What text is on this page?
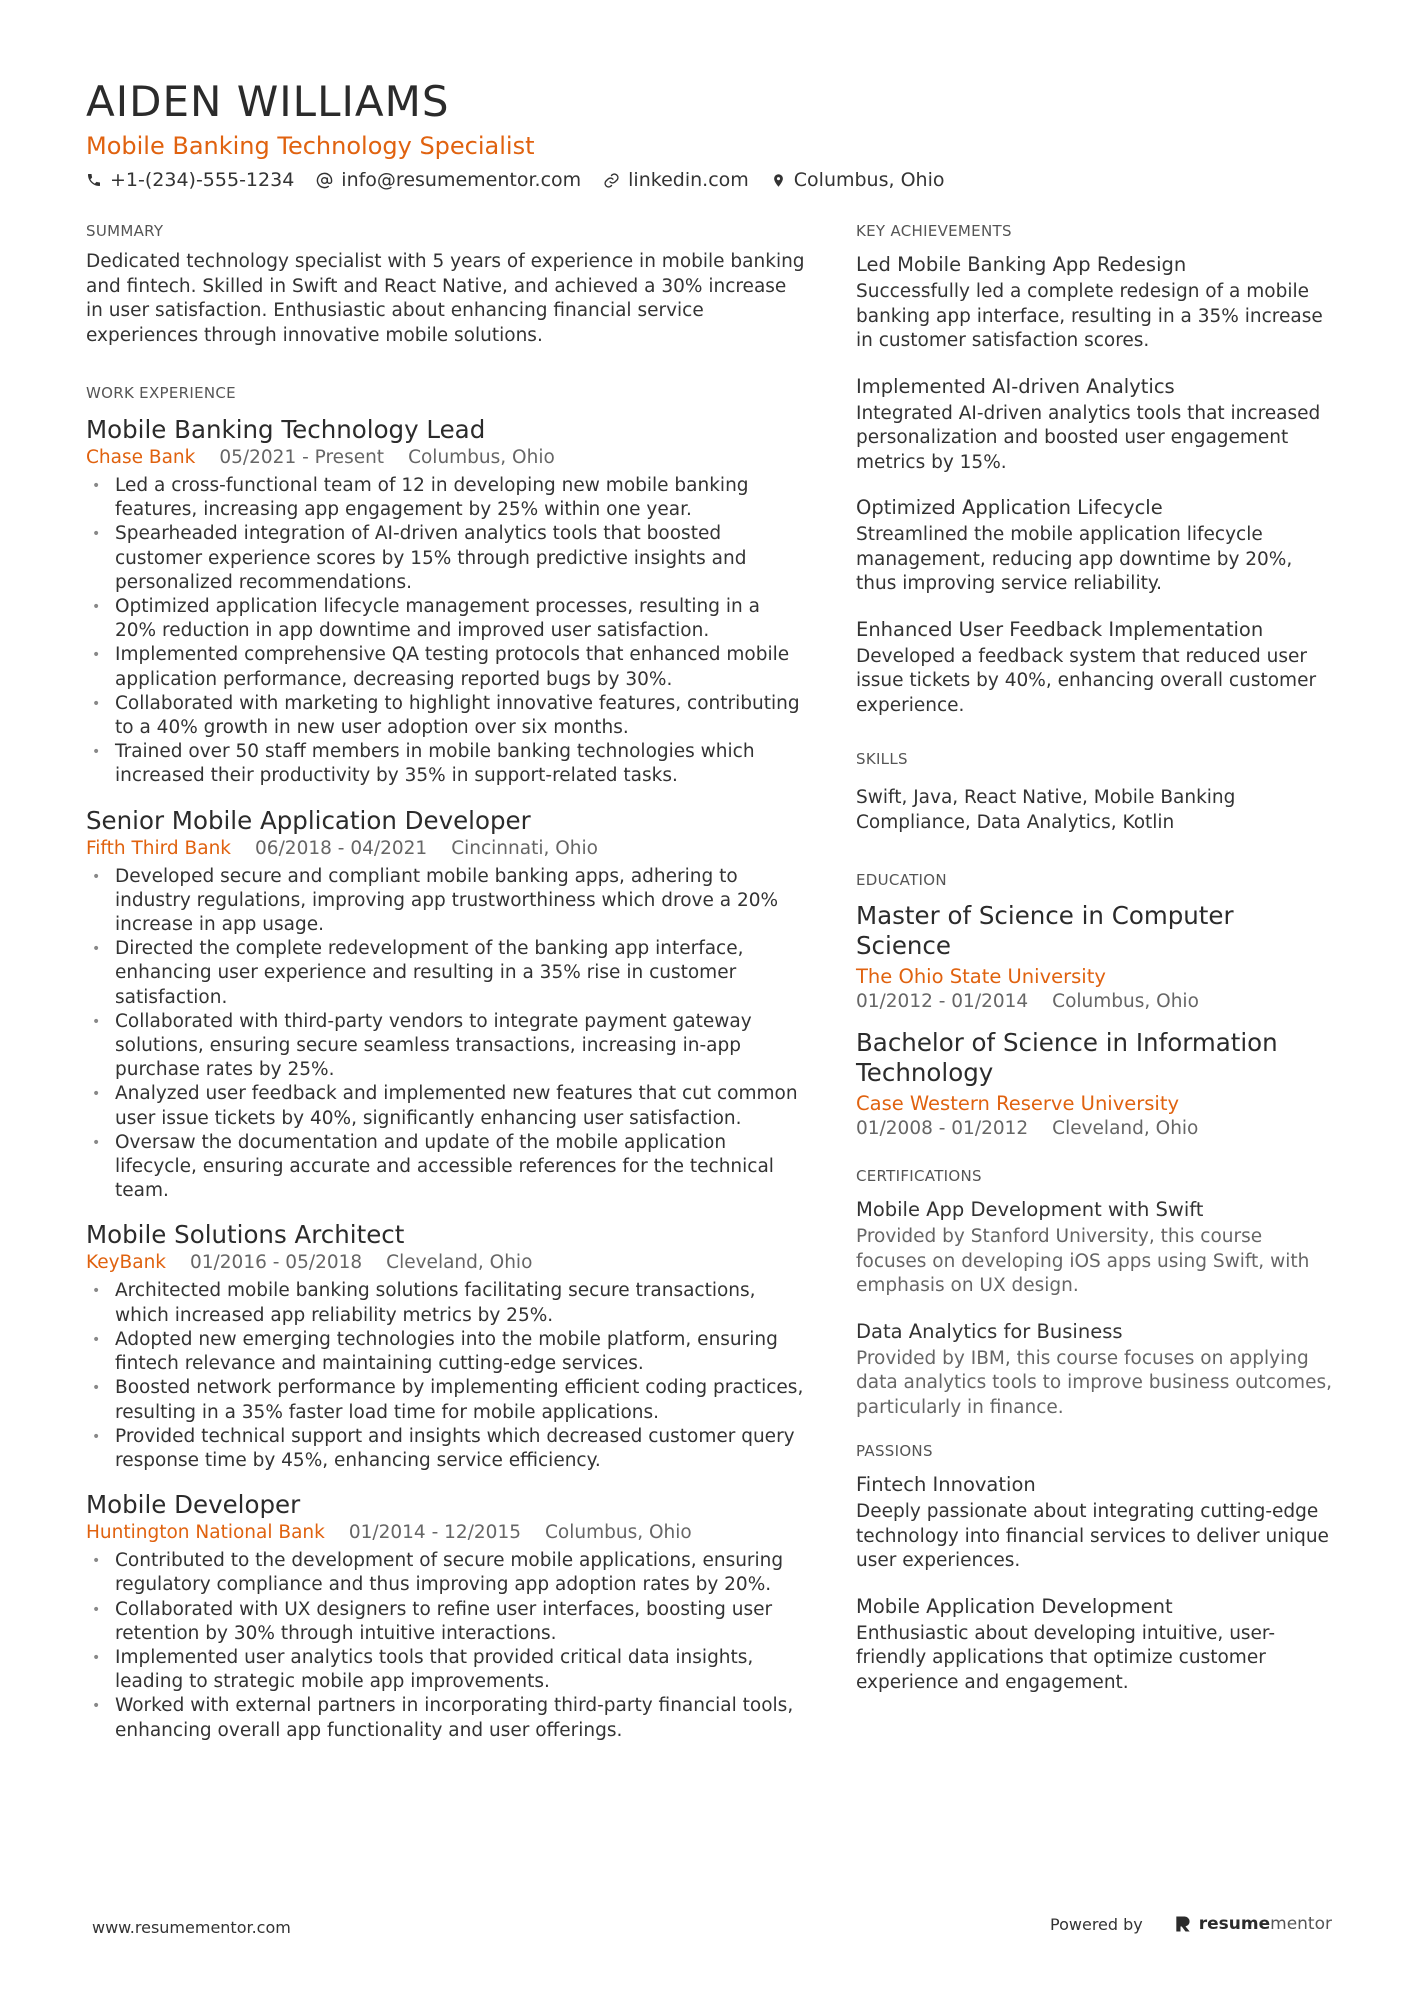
AIDEN WILLIAMS
Mobile Banking Technology Specialist
+1-(234)-555-1234 info@resumementor.com linkedin.com Columbus, Ohio
SUMMARY

Dedicated technology specialist with 5 years of experience in mobile banking and fintech. Skilled in Swift and React Native, and achieved a 30% increase in user satisfaction. Enthusiastic about enhancing financial service experiences through innovative mobile solutions.

WORK EXPERIENCE
Mobile Banking Technology Lead
Chase Bank 05/2021 - Present Columbus, Ohio
• Led a cross-functional team of 12 in developing new mobile banking features, increasing app engagement by 25% within one year.
• Spearheaded integration of AI-driven analytics tools that boosted customer experience scores by 15% through predictive insights and personalized recommendations.
• Optimized application lifecycle management processes, resulting in a 20% reduction in app downtime and improved user satisfaction.
• Implemented comprehensive QA testing protocols that enhanced mobile application performance, decreasing reported bugs by 30%.
• Collaborated with marketing to highlight innovative features, contributing to a 40% growth in new user adoption over six months.
• Trained over 50 staff members in mobile banking technologies which increased their productivity by 35% in support-related tasks.
Senior Mobile Application Developer
Fifth Third Bank 06/2018 - 04/2021 Cincinnati, Ohio
• Developed secure and compliant mobile banking apps, adhering to industry regulations, improving app trustworthiness which drove a 20% increase in app usage.
• Directed the complete redevelopment of the banking app interface, enhancing user experience and resulting in a 35% rise in customer satisfaction.
• Collaborated with third-party vendors to integrate payment gateway solutions, ensuring secure seamless transactions, increasing in-app purchase rates by 25%.
• Analyzed user feedback and implemented new features that cut common user issue tickets by 40%, significantly enhancing user satisfaction.
• Oversaw the documentation and update of the mobile application lifecycle, ensuring accurate and accessible references for the technical team.
Mobile Solutions Architect
KeyBank 01/2016 - 05/2018 Cleveland, Ohio
• Architected mobile banking solutions facilitating secure transactions, which increased app reliability metrics by 25%.
• Adopted new emerging technologies into the mobile platform, ensuring fintech relevance and maintaining cutting-edge services.
• Boosted network performance by implementing efficient coding practices, resulting in a 35% faster load time for mobile applications.
• Provided technical support and insights which decreased customer query response time by 45%, enhancing service efficiency.
Mobile Developer
Huntington National Bank 01/2014 - 12/2015 Columbus, Ohio
• Contributed to the development of secure mobile applications, ensuring regulatory compliance and thus improving app adoption rates by 20%.
• Collaborated with UX designers to refine user interfaces, boosting user retention by 30% through intuitive interactions.
• Implemented user analytics tools that provided critical data insights, leading to strategic mobile app improvements.
• Worked with external partners in incorporating third-party financial tools, enhancing overall app functionality and user offerings.
KEY ACHIEVEMENTS
Led Mobile Banking App Redesign
Successfully led a complete redesign of a mobile banking app interface, resulting in a 35% increase in customer satisfaction scores.
Implemented AI-driven Analytics
Integrated AI-driven analytics tools that increased personalization and boosted user engagement metrics by 15%.
Optimized Application Lifecycle
Streamlined the mobile application lifecycle management, reducing app downtime by 20%, thus improving service reliability.
Enhanced User Feedback Implementation
Developed a feedback system that reduced user issue tickets by 40%, enhancing overall customer experience.
SKILLS

Swift, Java, React Native, Mobile Banking Compliance, Data Analytics, Kotlin

EDUCATION
Master of Science in Computer Science
The Ohio State University
01/2012 - 01/2014 Columbus, Ohio
Bachelor of Science in Information Technology
Case Western Reserve University
01/2008 - 01/2012 Cleveland, Ohio
CERTIFICATIONS
Mobile App Development with Swift
Provided by Stanford University, this course focuses on developing iOS apps using Swift, with emphasis on UX design.
Data Analytics for Business
Provided by IBM, this course focuses on applying data analytics tools to improve business outcomes, particularly in finance.
PASSIONS
Fintech Innovation
Deeply passionate about integrating cutting-edge technology into financial services to deliver unique user experiences.
Mobile Application Development
Enthusiastic about developing intuitive, user-friendly applications that optimize customer experience and engagement.
www.resumementor.com	Powered by	resume mentor
